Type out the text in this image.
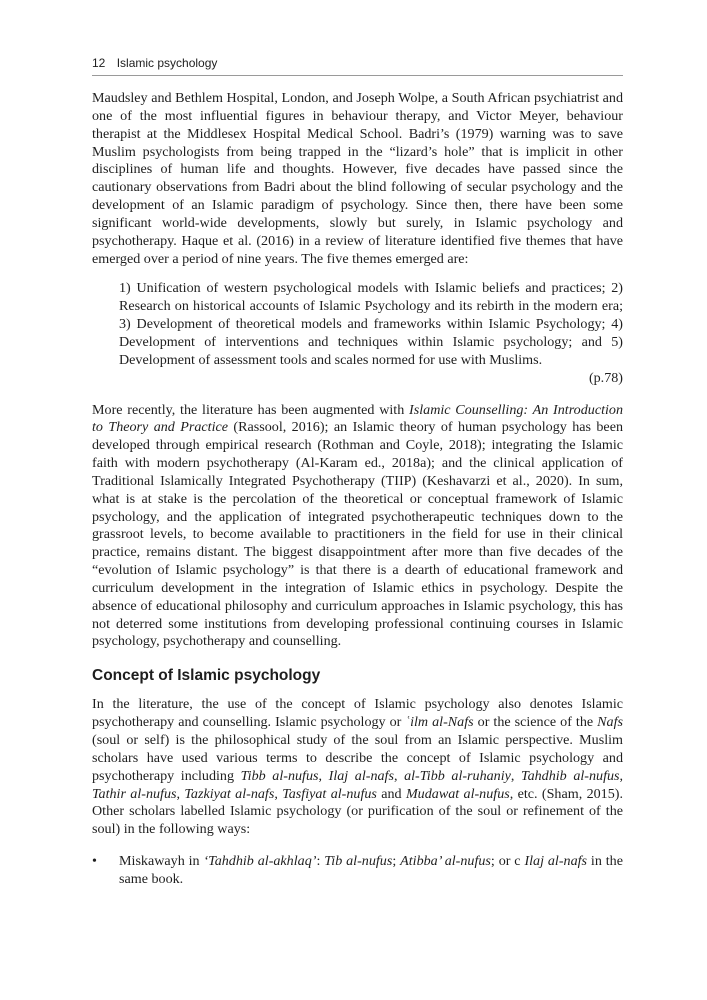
12 Islamic psychology

Maudsley and Bethlem Hospital, London, and Joseph Wolpe, a South African psychiatrist and one of the most influential figures in behaviour therapy, and Victor Meyer, behaviour therapist at the Middlesex Hospital Medical School. Badri’s (1979) warning was to save Muslim psychologists from being trapped in the “lizard’s hole” that is implicit in other disciplines of human life and thoughts. However, five decades have passed since the cautionary observations from Badri about the blind following of secular psychology and the development of an Islamic paradigm of psychology. Since then, there have been some significant world-wide developments, slowly but surely, in Islamic psychology and psychotherapy. Haque et al. (2016) in a review of literature identified five themes that have emerged over a period of nine years. The five themes emerged are:

1) Unification of western psychological models with Islamic beliefs and practices; 2) Research on historical accounts of Islamic Psychology and its rebirth in the modern era; 3) Development of theoretical models and frameworks within Islamic Psychology; 4) Development of interventions and techniques within Islamic psychology; and 5) Development of assessment tools and scales normed for use with Muslims.

(p.78)

More recently, the literature has been augmented with Islamic Counselling: An Introduction to Theory and Practice (Rassool, 2016); an Islamic theory of human psychology has been developed through empirical research (Rothman and Coyle, 2018); integrating the Islamic faith with modern psychotherapy (Al-Karam ed., 2018a); and the clinical application of Traditional Islamically Integrated Psychotherapy (TIIP) (Keshavarzi et al., 2020). In sum, what is at stake is the percolation of the theoretical or conceptual framework of Islamic psychology, and the application of integrated psychotherapeutic techniques down to the grassroot levels, to become available to practitioners in the field for use in their clinical practice, remains distant. The biggest disappointment after more than five decades of the “evolution of Islamic psychology” is that there is a dearth of educational framework and curriculum development in the integration of Islamic ethics in psychology. Despite the absence of educational philosophy and curriculum approaches in Islamic psychology, this has not deterred some institutions from developing professional continuing courses in Islamic psychology, psychotherapy and counselling.

Concept of Islamic psychology

In the literature, the use of the concept of Islamic psychology also denotes Islamic psychotherapy and counselling. Islamic psychology or ʿilm al-Nafs or the science of the Nafs (soul or self) is the philosophical study of the soul from an Islamic perspective. Muslim scholars have used various terms to describe the concept of Islamic psychology and psychotherapy including Tibb al-nufus, Ilaj al-nafs, al-Tibb al-ruhaniy, Tahdhib al-nufus, Tathir al-nufus, Tazkiyat al-nafs, Tasfiyat al-nufus and Mudawat al-nufus, etc. (Sham, 2015). Other scholars labelled Islamic psychology (or purification of the soul or refinement of the soul) in the following ways:

• Miskawayh in ‘Tahdhib al-akhlaq’: Tib al-nufus; Atibba’ al-nufus; or c Ilaj al-nafs in the same book.
